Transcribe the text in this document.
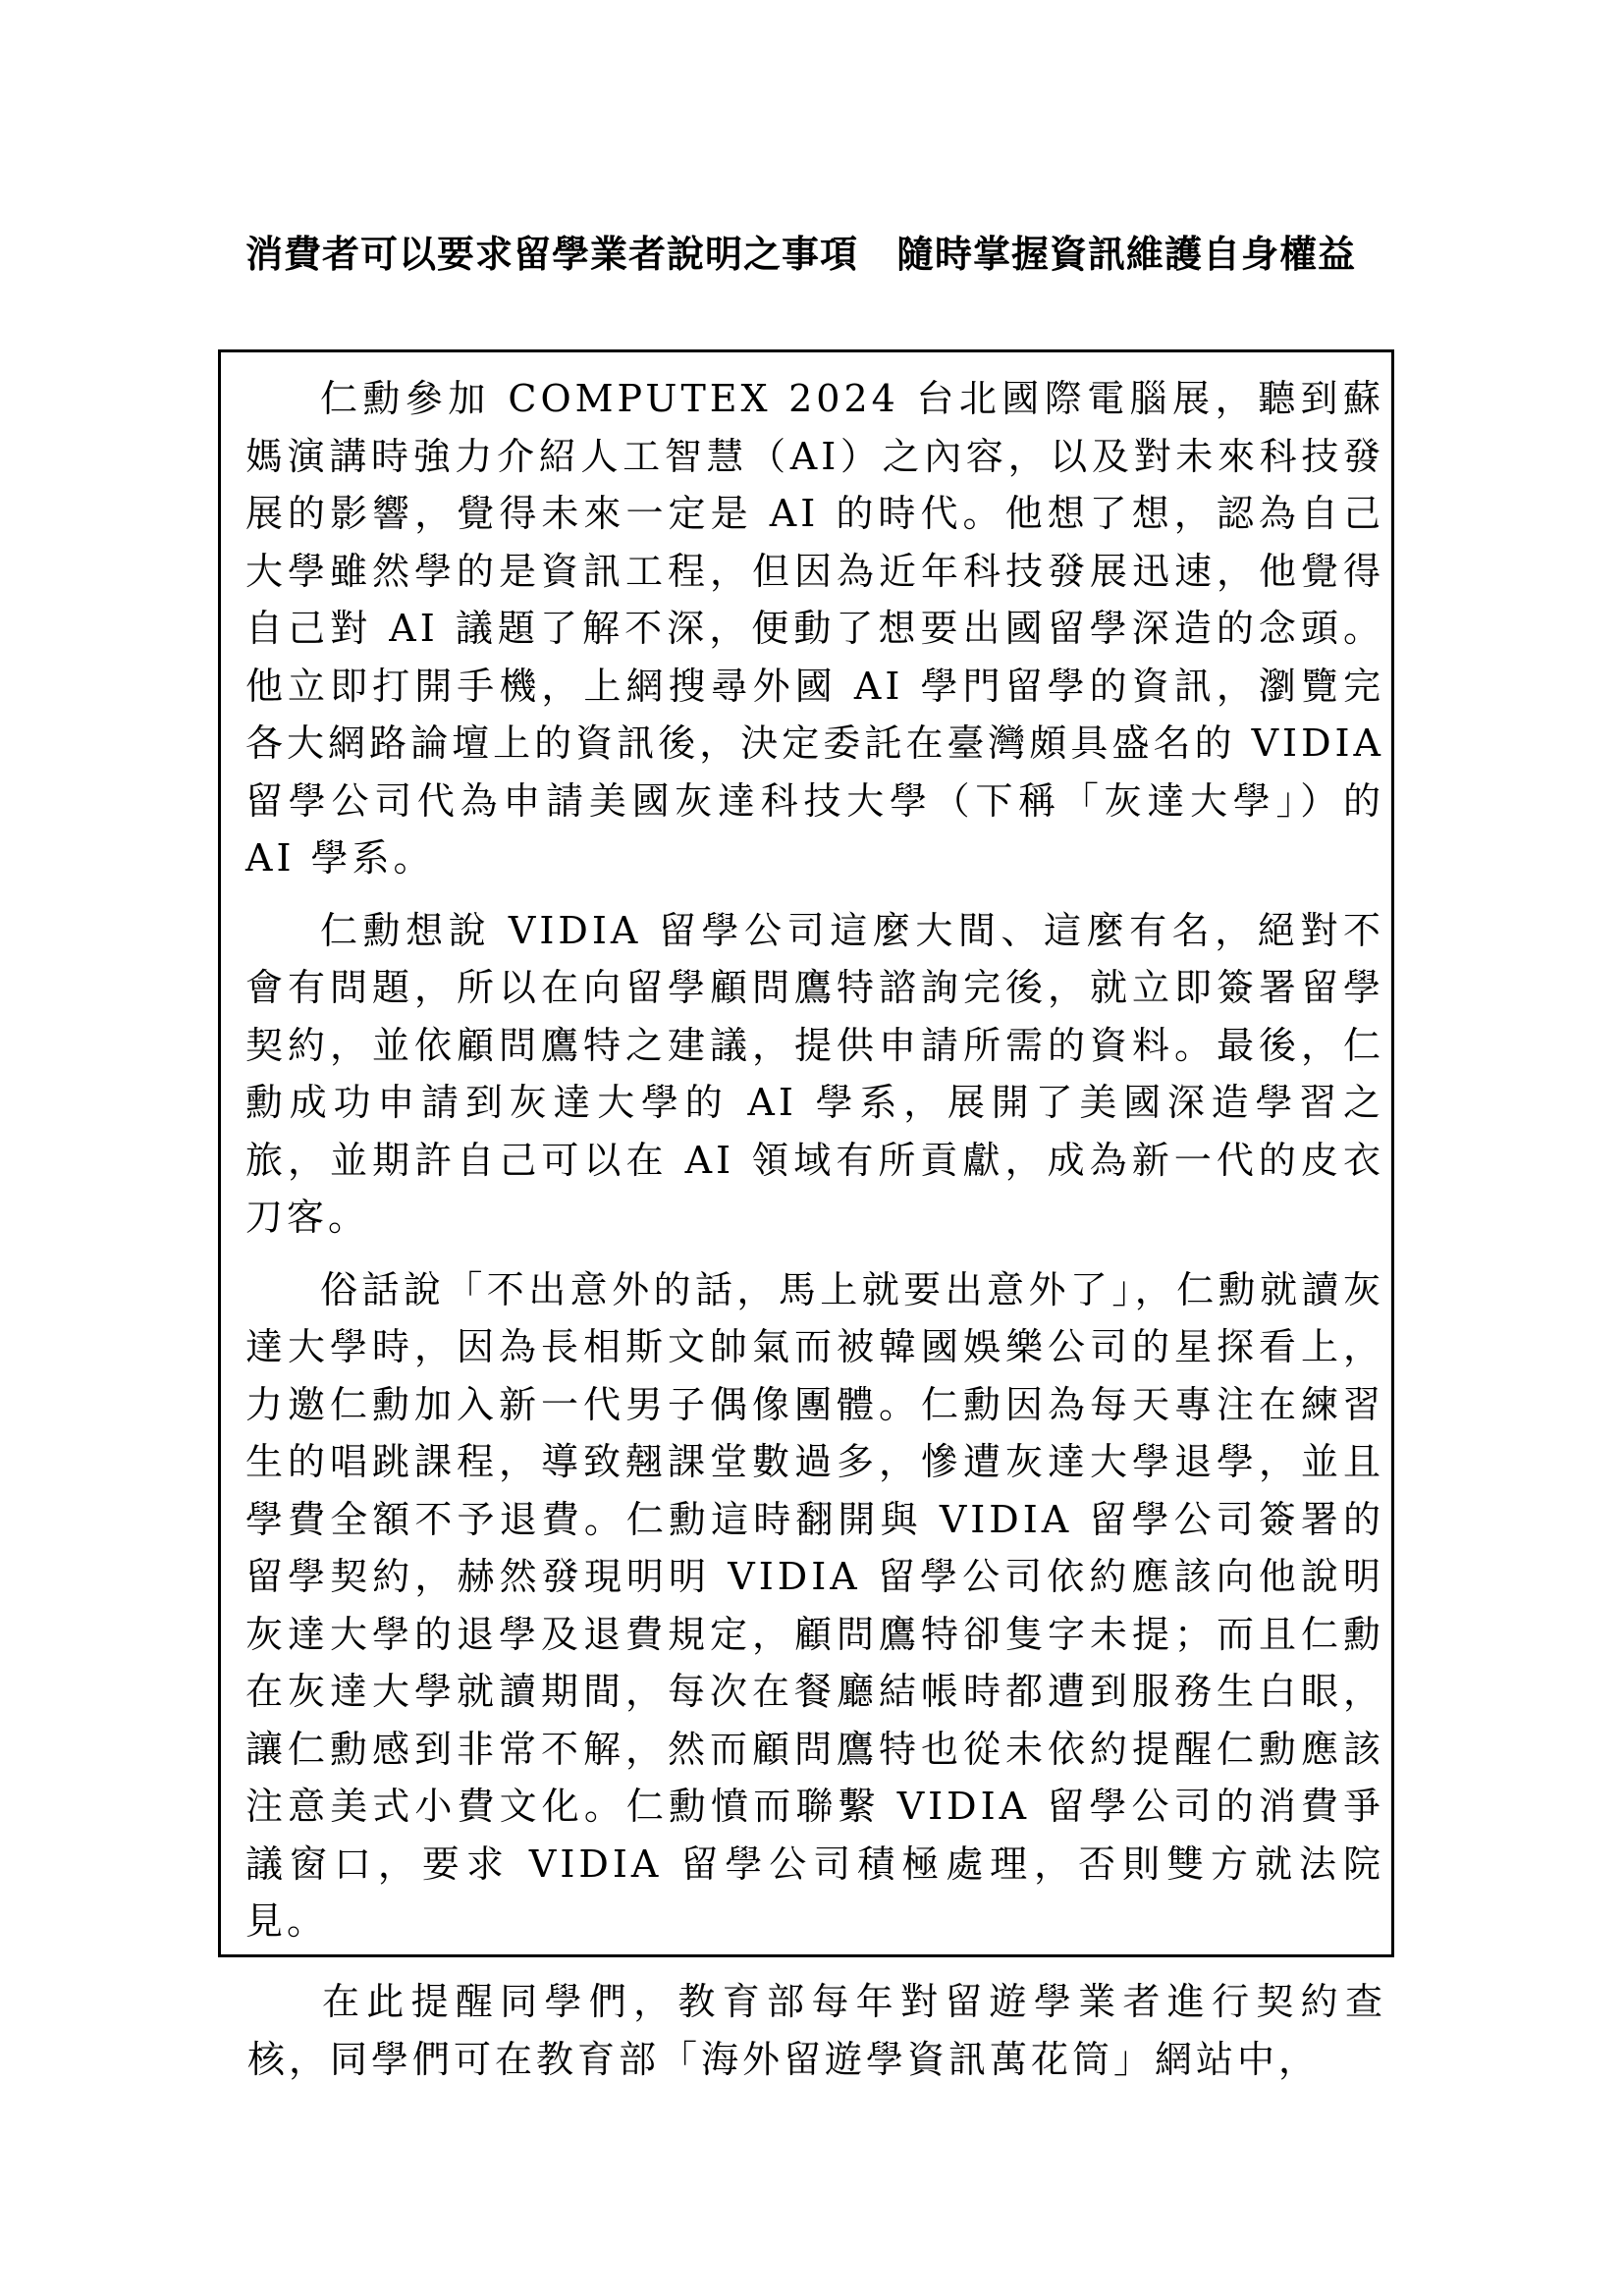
消費者可以要求留學業者說明之事項　隨時掌握資訊維護自身權益

仁勳參加 COMPUTEX 2024 台北國際電腦展，聽到蘇媽演講時強力介紹人工智慧（AI）之內容，以及對未來科技發展的影響，覺得未來一定是 AI 的時代。他想了想，認為自己大學雖然學的是資訊工程，但因為近年科技發展迅速，他覺得自己對 AI 議題了解不深，便動了想要出國留學深造的念頭。他立即打開手機，上網搜尋外國 AI 學門留學的資訊，瀏覽完各大網路論壇上的資訊後，決定委託在臺灣頗具盛名的 VIDIA 留學公司代為申請美國灰達科技大學（下稱「灰達大學」）的 AI 學系。

仁勳想說 VIDIA 留學公司這麼大間、這麼有名，絕對不會有問題，所以在向留學顧問鷹特諮詢完後，就立即簽署留學契約，並依顧問鷹特之建議，提供申請所需的資料。最後，仁勳成功申請到灰達大學的 AI 學系，展開了美國深造學習之旅，並期許自己可以在 AI 領域有所貢獻，成為新一代的皮衣刀客。

俗話說「不出意外的話，馬上就要出意外了」，仁勳就讀灰達大學時，因為長相斯文帥氣而被韓國娛樂公司的星探看上，力邀仁勳加入新一代男子偶像團體。仁勳因為每天專注在練習生的唱跳課程，導致翹課堂數過多，慘遭灰達大學退學，並且學費全額不予退費。仁勳這時翻開與 VIDIA 留學公司簽署的留學契約，赫然發現明明 VIDIA 留學公司依約應該向他說明灰達大學的退學及退費規定，顧問鷹特卻隻字未提；而且仁勳在灰達大學就讀期間，每次在餐廳結帳時都遭到服務生白眼，讓仁勳感到非常不解，然而顧問鷹特也從未依約提醒仁勳應該注意美式小費文化。仁勳憤而聯繫 VIDIA 留學公司的消費爭議窗口，要求 VIDIA 留學公司積極處理，否則雙方就法院見。

在此提醒同學們，教育部每年對留遊學業者進行契約查核，同學們可在教育部「海外留遊學資訊萬花筒」網站中，
